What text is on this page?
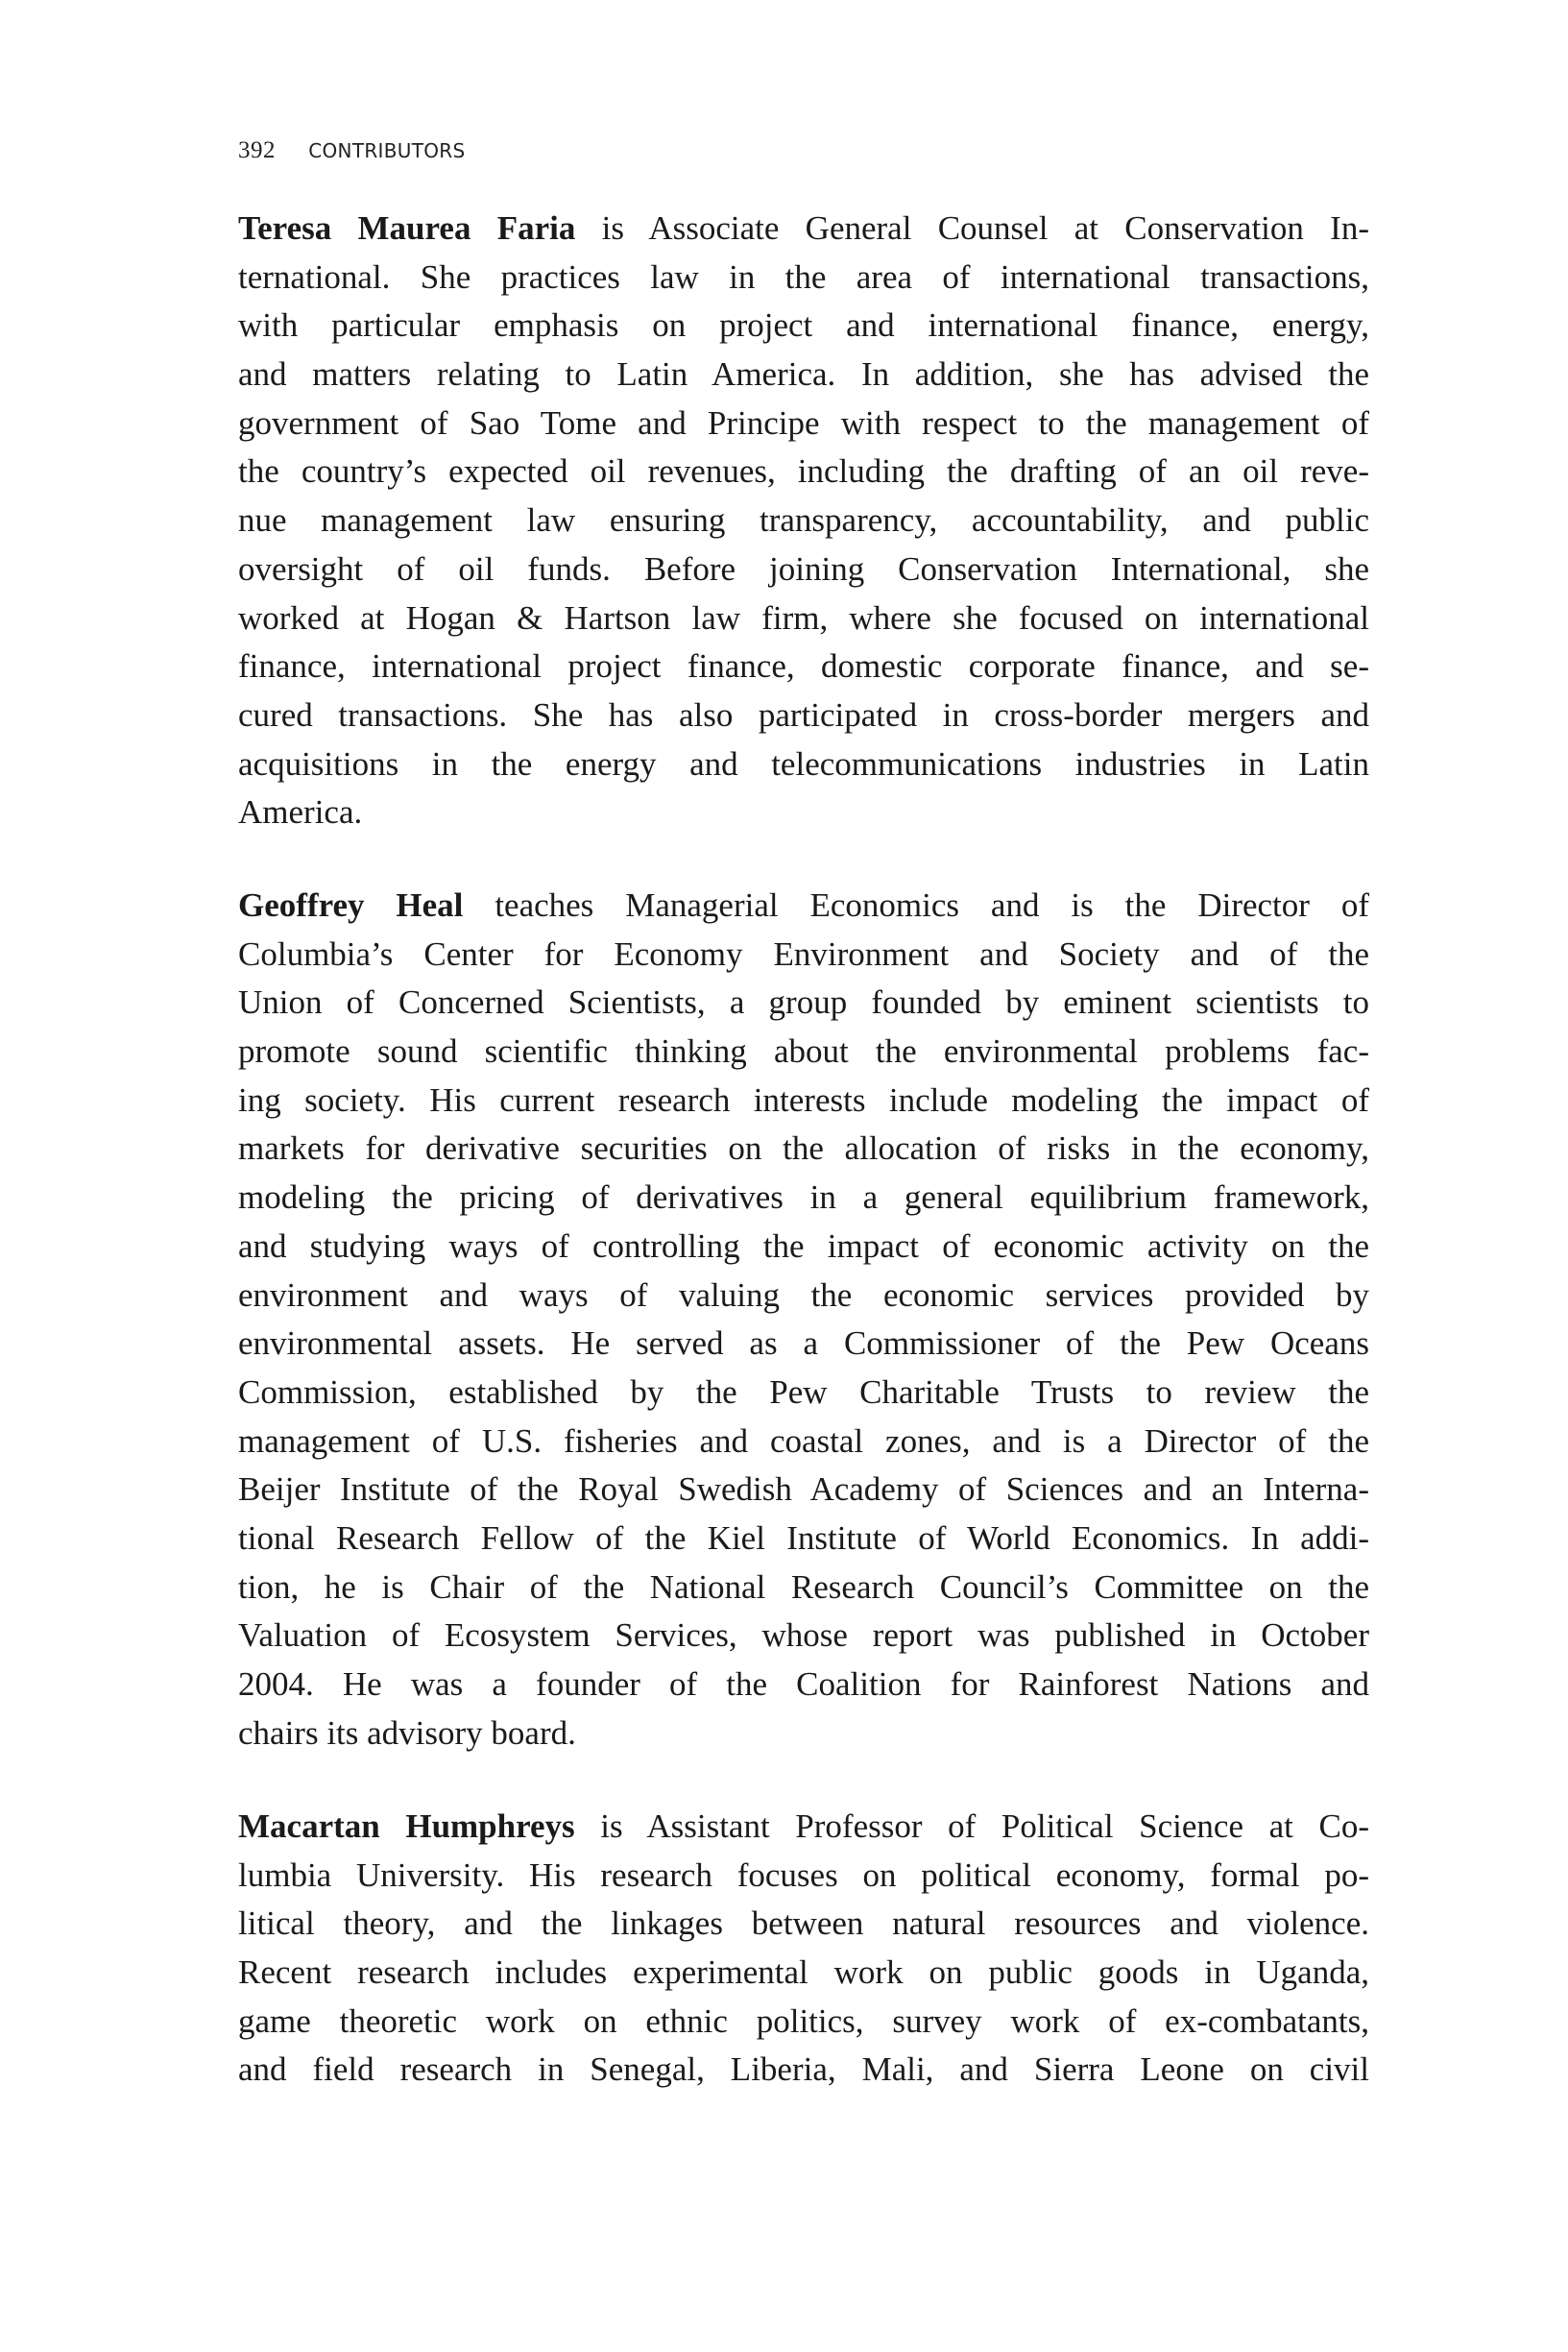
392 CONTRIBUTORS
Teresa Maurea Faria is Associate General Counsel at Conservation In-
ternational. She practices law in the area of international transactions,
with particular emphasis on project and international finance, energy,
and matters relating to Latin America. In addition, she has advised the
government of Sao Tome and Principe with respect to the management of
the country’s expected oil revenues, including the drafting of an oil reve-
nue management law ensuring transparency, accountability, and public
oversight of oil funds. Before joining Conservation International, she
worked at Hogan & Hartson law firm, where she focused on international
finance, international project finance, domestic corporate finance, and se-
cured transactions. She has also participated in cross-border mergers and
acquisitions in the energy and telecommunications industries in Latin
America.
Geoffrey Heal teaches Managerial Economics and is the Director of
Columbia’s Center for Economy Environment and Society and of the
Union of Concerned Scientists, a group founded by eminent scientists to
promote sound scientific thinking about the environmental problems fac-
ing society. His current research interests include modeling the impact of
markets for derivative securities on the allocation of risks in the economy,
modeling the pricing of derivatives in a general equilibrium framework,
and studying ways of controlling the impact of economic activity on the
environment and ways of valuing the economic services provided by
environmental assets. He served as a Commissioner of the Pew Oceans
Commission, established by the Pew Charitable Trusts to review the
management of U.S. fisheries and coastal zones, and is a Director of the
Beijer Institute of the Royal Swedish Academy of Sciences and an Interna-
tional Research Fellow of the Kiel Institute of World Economics. In addi-
tion, he is Chair of the National Research Council’s Committee on the
Valuation of Ecosystem Services, whose report was published in October
2004. He was a founder of the Coalition for Rainforest Nations and
chairs its advisory board.
Macartan Humphreys is Assistant Professor of Political Science at Co-
lumbia University. His research focuses on political economy, formal po-
litical theory, and the linkages between natural resources and violence.
Recent research includes experimental work on public goods in Uganda,
game theoretic work on ethnic politics, survey work of ex-combatants,
and field research in Senegal, Liberia, Mali, and Sierra Leone on civil
